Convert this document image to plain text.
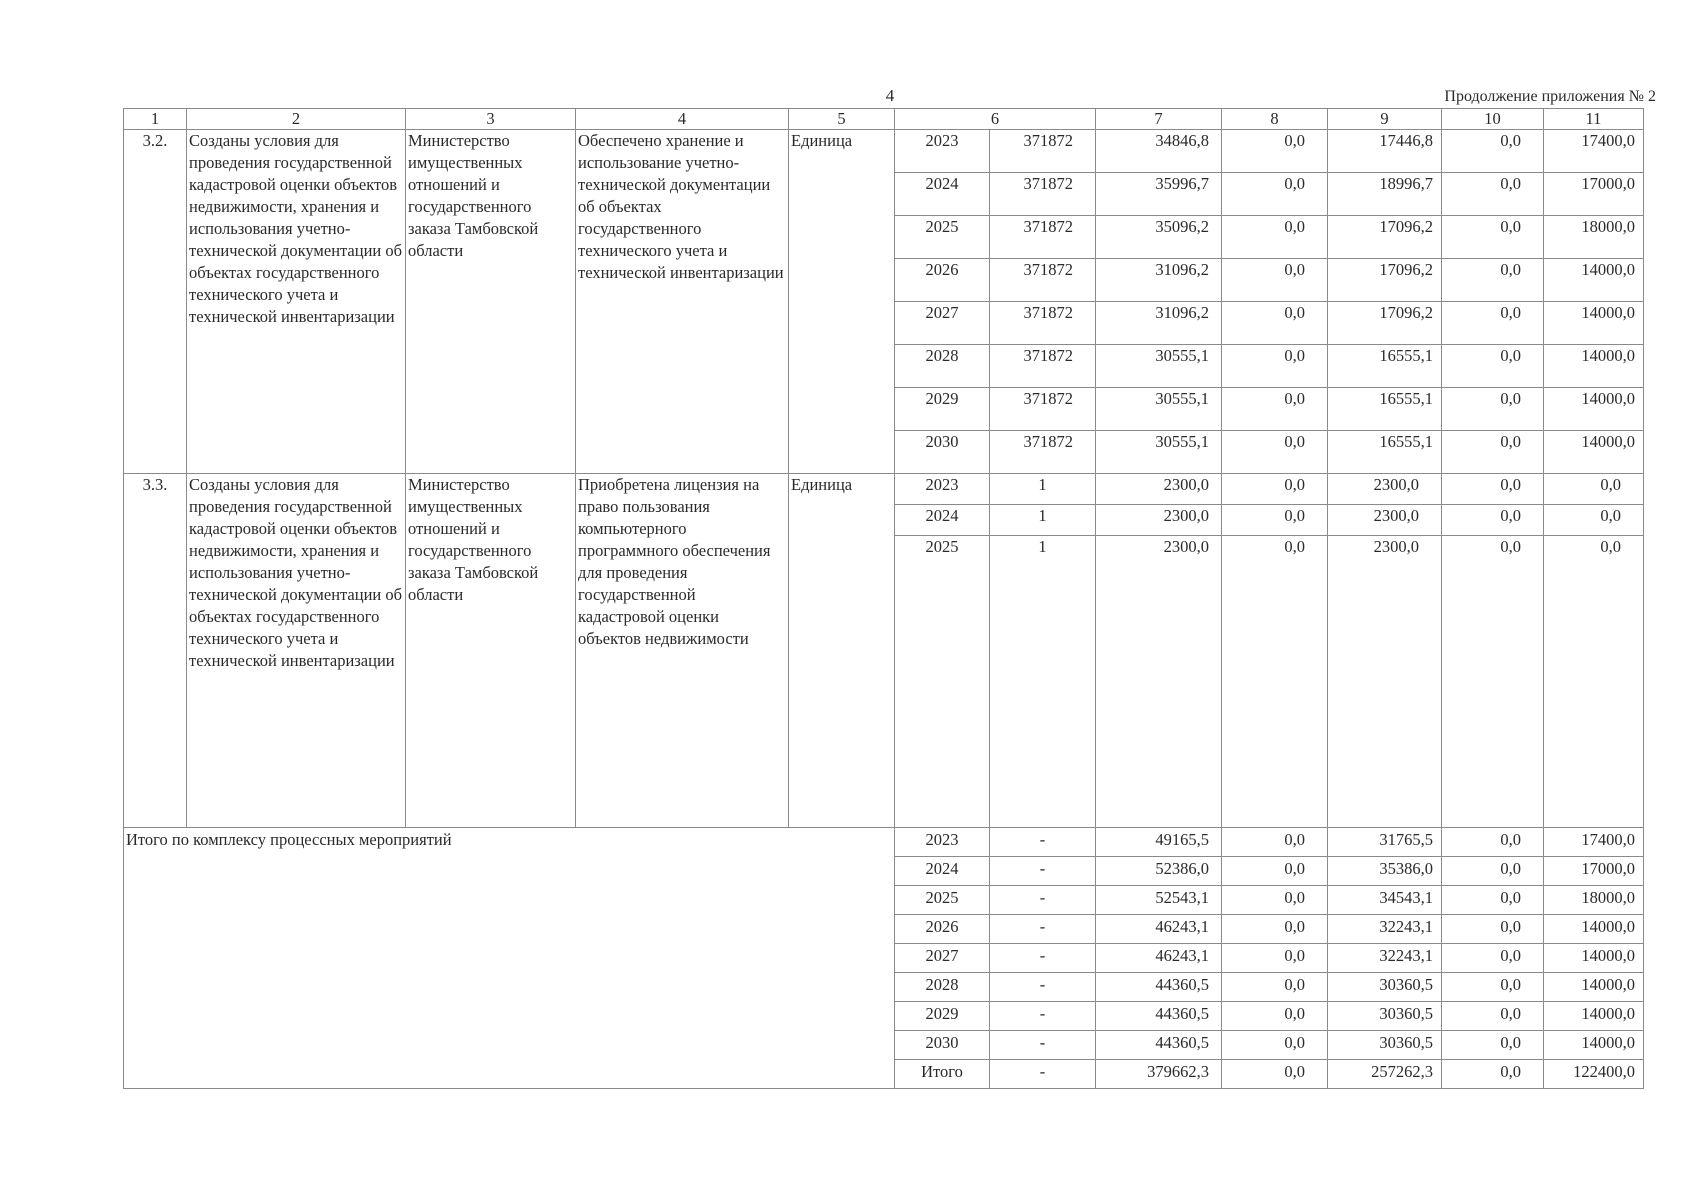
4	Продолжение приложения № 2
1	2	3	4	5	6		7	8	9	10	11
3.2.	Созданы условия для проведения государственной кадастровой оценки объектов недвижимости, хранения и использования учетно-технической документации об объектах государственного технического учета и технической инвентаризации	Министерство имущественных отношений и государственного заказа Тамбовской области	Обеспечено хранение и использование учетно-технической документации об объектах государственного технического учета и технической инвентаризации	Единица	2023	371872	34846,8	0,0	17446,8	0,0	17400,0
					2024	371872	35996,7	0,0	18996,7	0,0	17000,0
					2025	371872	35096,2	0,0	17096,2	0,0	18000,0
					2026	371872	31096,2	0,0	17096,2	0,0	14000,0
					2027	371872	31096,2	0,0	17096,2	0,0	14000,0
					2028	371872	30555,1	0,0	16555,1	0,0	14000,0
					2029	371872	30555,1	0,0	16555,1	0,0	14000,0
					2030	371872	30555,1	0,0	16555,1	0,0	14000,0
3.3.	Созданы условия для проведения государственной кадастровой оценки объектов недвижимости, хранения и использования учетно-технической документации об объектах государственного технического учета и технической инвентаризации	Министерство имущественных отношений и государственного заказа Тамбовской области	Приобретена лицензия на право пользования компьютерного программного обеспечения для проведения государственной кадастровой оценки объектов недвижимости	Единица	2023	1	2300,0	0,0	2300,0	0,0	0,0
					2024	1	2300,0	0,0	2300,0	0,0	0,0
					2025	1	2300,0	0,0	2300,0	0,0	0,0
Итого по комплексу процессных мероприятий					2023	-	49165,5	0,0	31765,5	0,0	17400,0
					2024	-	52386,0	0,0	35386,0	0,0	17000,0
					2025	-	52543,1	0,0	34543,1	0,0	18000,0
					2026	-	46243,1	0,0	32243,1	0,0	14000,0
					2027	-	46243,1	0,0	32243,1	0,0	14000,0
					2028	-	44360,5	0,0	30360,5	0,0	14000,0
					2029	-	44360,5	0,0	30360,5	0,0	14000,0
					2030	-	44360,5	0,0	30360,5	0,0	14000,0
					Итого	-	379662,3	0,0	257262,3	0,0	122400,0
